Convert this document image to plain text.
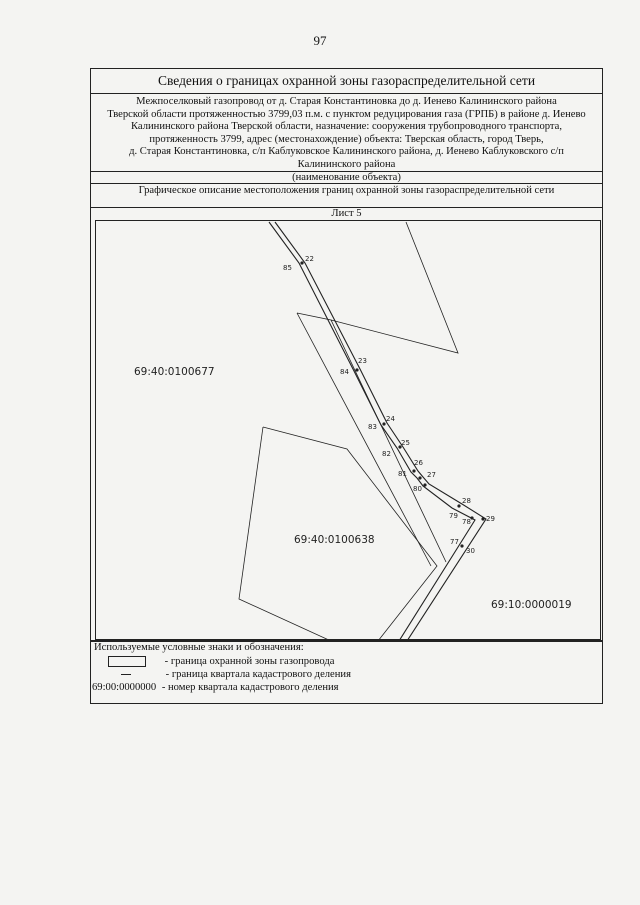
97
Сведения о границах охранной зоны газораспределительной сети
Межпоселковый газопровод от д. Старая Константиновка до д. Иенево Калининского района
Тверской области протяженностью 3799,03 п.м. с пунктом редуцирования газа (ГРПБ) в районе д. Иенево
Калининского района Тверской области, назначение: сооружения трубопроводного транспорта,
протяженность 3799, адрес (местонахождение) объекта: Тверская область, город Тверь,
д. Старая Константиновка, с/п Каблуковское Калининского района, д. Иенево Каблуковского с/п
Калининского района
(наименование объекта)
Графическое описание местоположения границ охранной зоны газораспределительной сети
Лист 5
22
85
23
84
24
83
25
82
26
81	27
80
28
79
78 29
77
30
69:40:0100677
69:40:0100638
69:10:0000019
Используемые условные знаки и обозначения:
- граница охранной зоны газопровода
- граница квартала кадастрового деления
69:00:0000000 - номер квартала кадастрового деления
